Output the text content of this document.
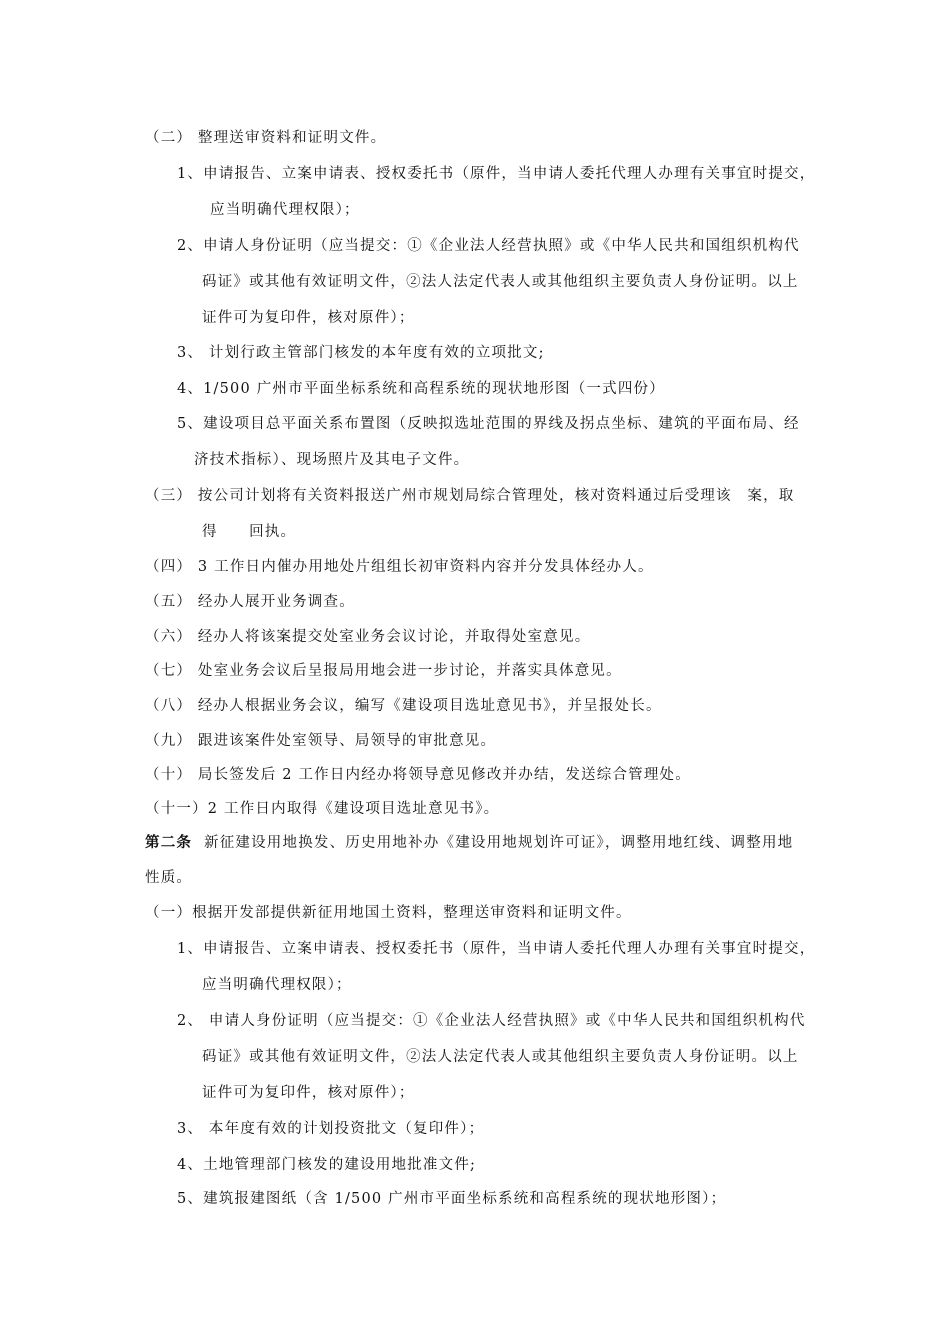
（二） 整理送审资料和证明文件。
1、申请报告、立案申请表、授权委托书（原件，当申请人委托代理人办理有关事宜时提交，
应当明确代理权限）；
2、申请人身份证明（应当提交：①《企业法人经营执照》或《中华人民共和国组织机构代
码证》或其他有效证明文件，②法人法定代表人或其他组织主要负责人身份证明。以上
证件可为复印件，核对原件）；
3、 计划行政主管部门核发的本年度有效的立项批文;
4、1/500 广州市平面坐标系统和高程系统的现状地形图（一式四份）
5、建设项目总平面关系布置图（反映拟选址范围的界线及拐点坐标、建筑的平面布局、经
济技术指标）、现场照片及其电子文件。
（三） 按公司计划将有关资料报送广州市规划局综合管理处，核对资料通过后受理该　案，取
得　　回执。
（四） 3 工作日内催办用地处片组组长初审资料内容并分发具体经办人。
（五） 经办人展开业务调查。
（六） 经办人将该案提交处室业务会议讨论，并取得处室意见。
（七） 处室业务会议后呈报局用地会进一步讨论，并落实具体意见。
（八） 经办人根据业务会议，编写《建设项目选址意见书》，并呈报处长。
（九） 跟进该案件处室领导、局领导的审批意见。
（十） 局长签发后 2 工作日内经办将领导意见修改并办结，发送综合管理处。
（十一）2 工作日内取得《建设项目选址意见书》。
第二条 新征建设用地换发、历史用地补办《建设用地规划许可证》，调整用地红线、调整用地
性质。
（一）根据开发部提供新征用地国土资料，整理送审资料和证明文件。
1、申请报告、立案申请表、授权委托书（原件，当申请人委托代理人办理有关事宜时提交，
应当明确代理权限）；
2、 申请人身份证明（应当提交：①《企业法人经营执照》或《中华人民共和国组织机构代
码证》或其他有效证明文件，②法人法定代表人或其他组织主要负责人身份证明。以上
证件可为复印件，核对原件）；
3、 本年度有效的计划投资批文（复印件）；
4、土地管理部门核发的建设用地批准文件;
5、建筑报建图纸（含 1/500 广州市平面坐标系统和高程系统的现状地形图）；
